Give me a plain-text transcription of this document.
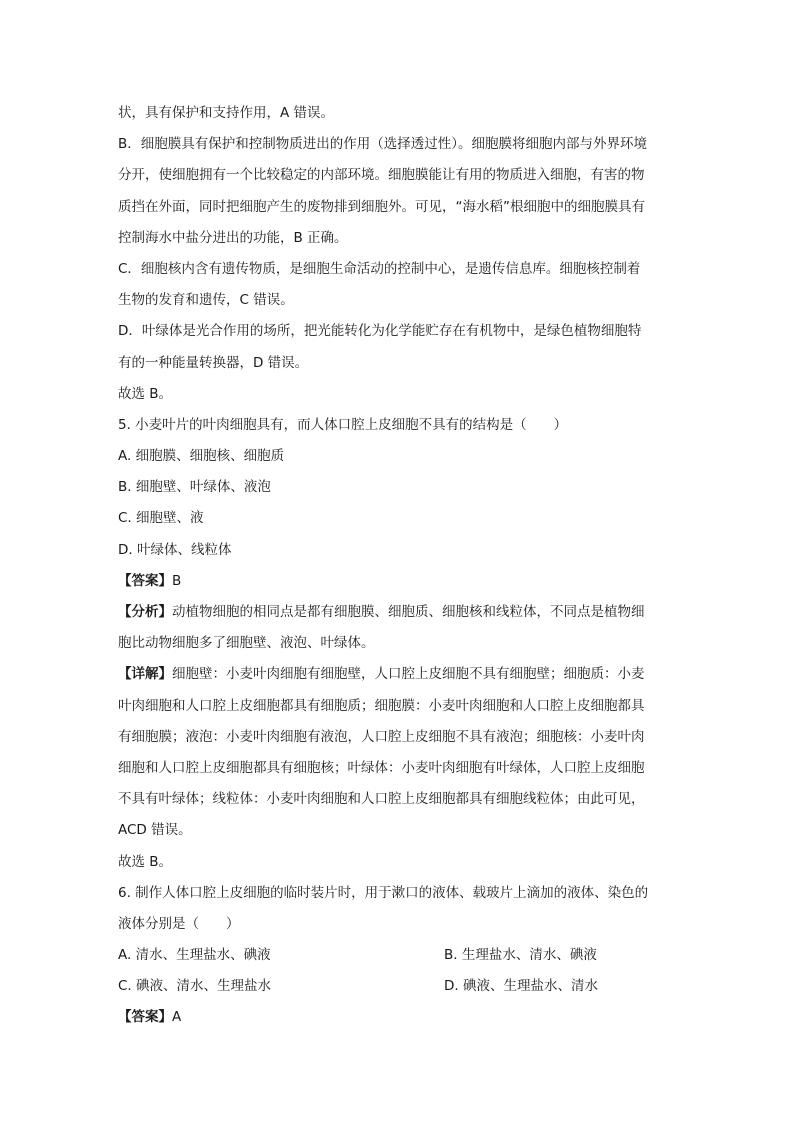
状，具有保护和支持作用，A 错误。
B．细胞膜具有保护和控制物质进出的作用（选择透过性）。细胞膜将细胞内部与外界环境
分开，使细胞拥有一个比较稳定的内部环境。细胞膜能让有用的物质进入细胞，有害的物
质挡在外面，同时把细胞产生的废物排到细胞外。可见，“海水稻”根细胞中的细胞膜具有
控制海水中盐分进出的功能，B 正确。
C．细胞核内含有遗传物质，是细胞生命活动的控制中心，是遗传信息库。细胞核控制着
生物的发育和遗传，C 错误。
D．叶绿体是光合作用的场所，把光能转化为化学能贮存在有机物中，是绿色植物细胞特
有的一种能量转换器，D 错误。
故选 B。
5. 小麦叶片的叶肉细胞具有，而人体口腔上皮细胞不具有的结构是（　　）
A. 细胞膜、细胞核、细胞质
B. 细胞壁、叶绿体、液泡
C. 细胞壁、液
D. 叶绿体、线粒体
【答案】B
【分析】动植物细胞的相同点是都有细胞膜、细胞质、细胞核和线粒体，不同点是植物细
胞比动物细胞多了细胞壁、液泡、叶绿体。
【详解】细胞壁：小麦叶肉细胞有细胞壁，人口腔上皮细胞不具有细胞壁；细胞质：小麦
叶肉细胞和人口腔上皮细胞都具有细胞质；细胞膜：小麦叶肉细胞和人口腔上皮细胞都具
有细胞膜；液泡：小麦叶肉细胞有液泡，人口腔上皮细胞不具有液泡；细胞核：小麦叶肉
细胞和人口腔上皮细胞都具有细胞核；叶绿体：小麦叶肉细胞有叶绿体，人口腔上皮细胞
不具有叶绿体；线粒体：小麦叶肉细胞和人口腔上皮细胞都具有细胞线粒体；由此可见，
ACD 错误。
故选 B。
6. 制作人体口腔上皮细胞的临时装片时，用于漱口的液体、载玻片上滴加的液体、染色的
液体分别是（　　）
A. 清水、生理盐水、碘液	B. 生理盐水、清水、碘液
C. 碘液、清水、生理盐水	D. 碘液、生理盐水、清水
【答案】A
